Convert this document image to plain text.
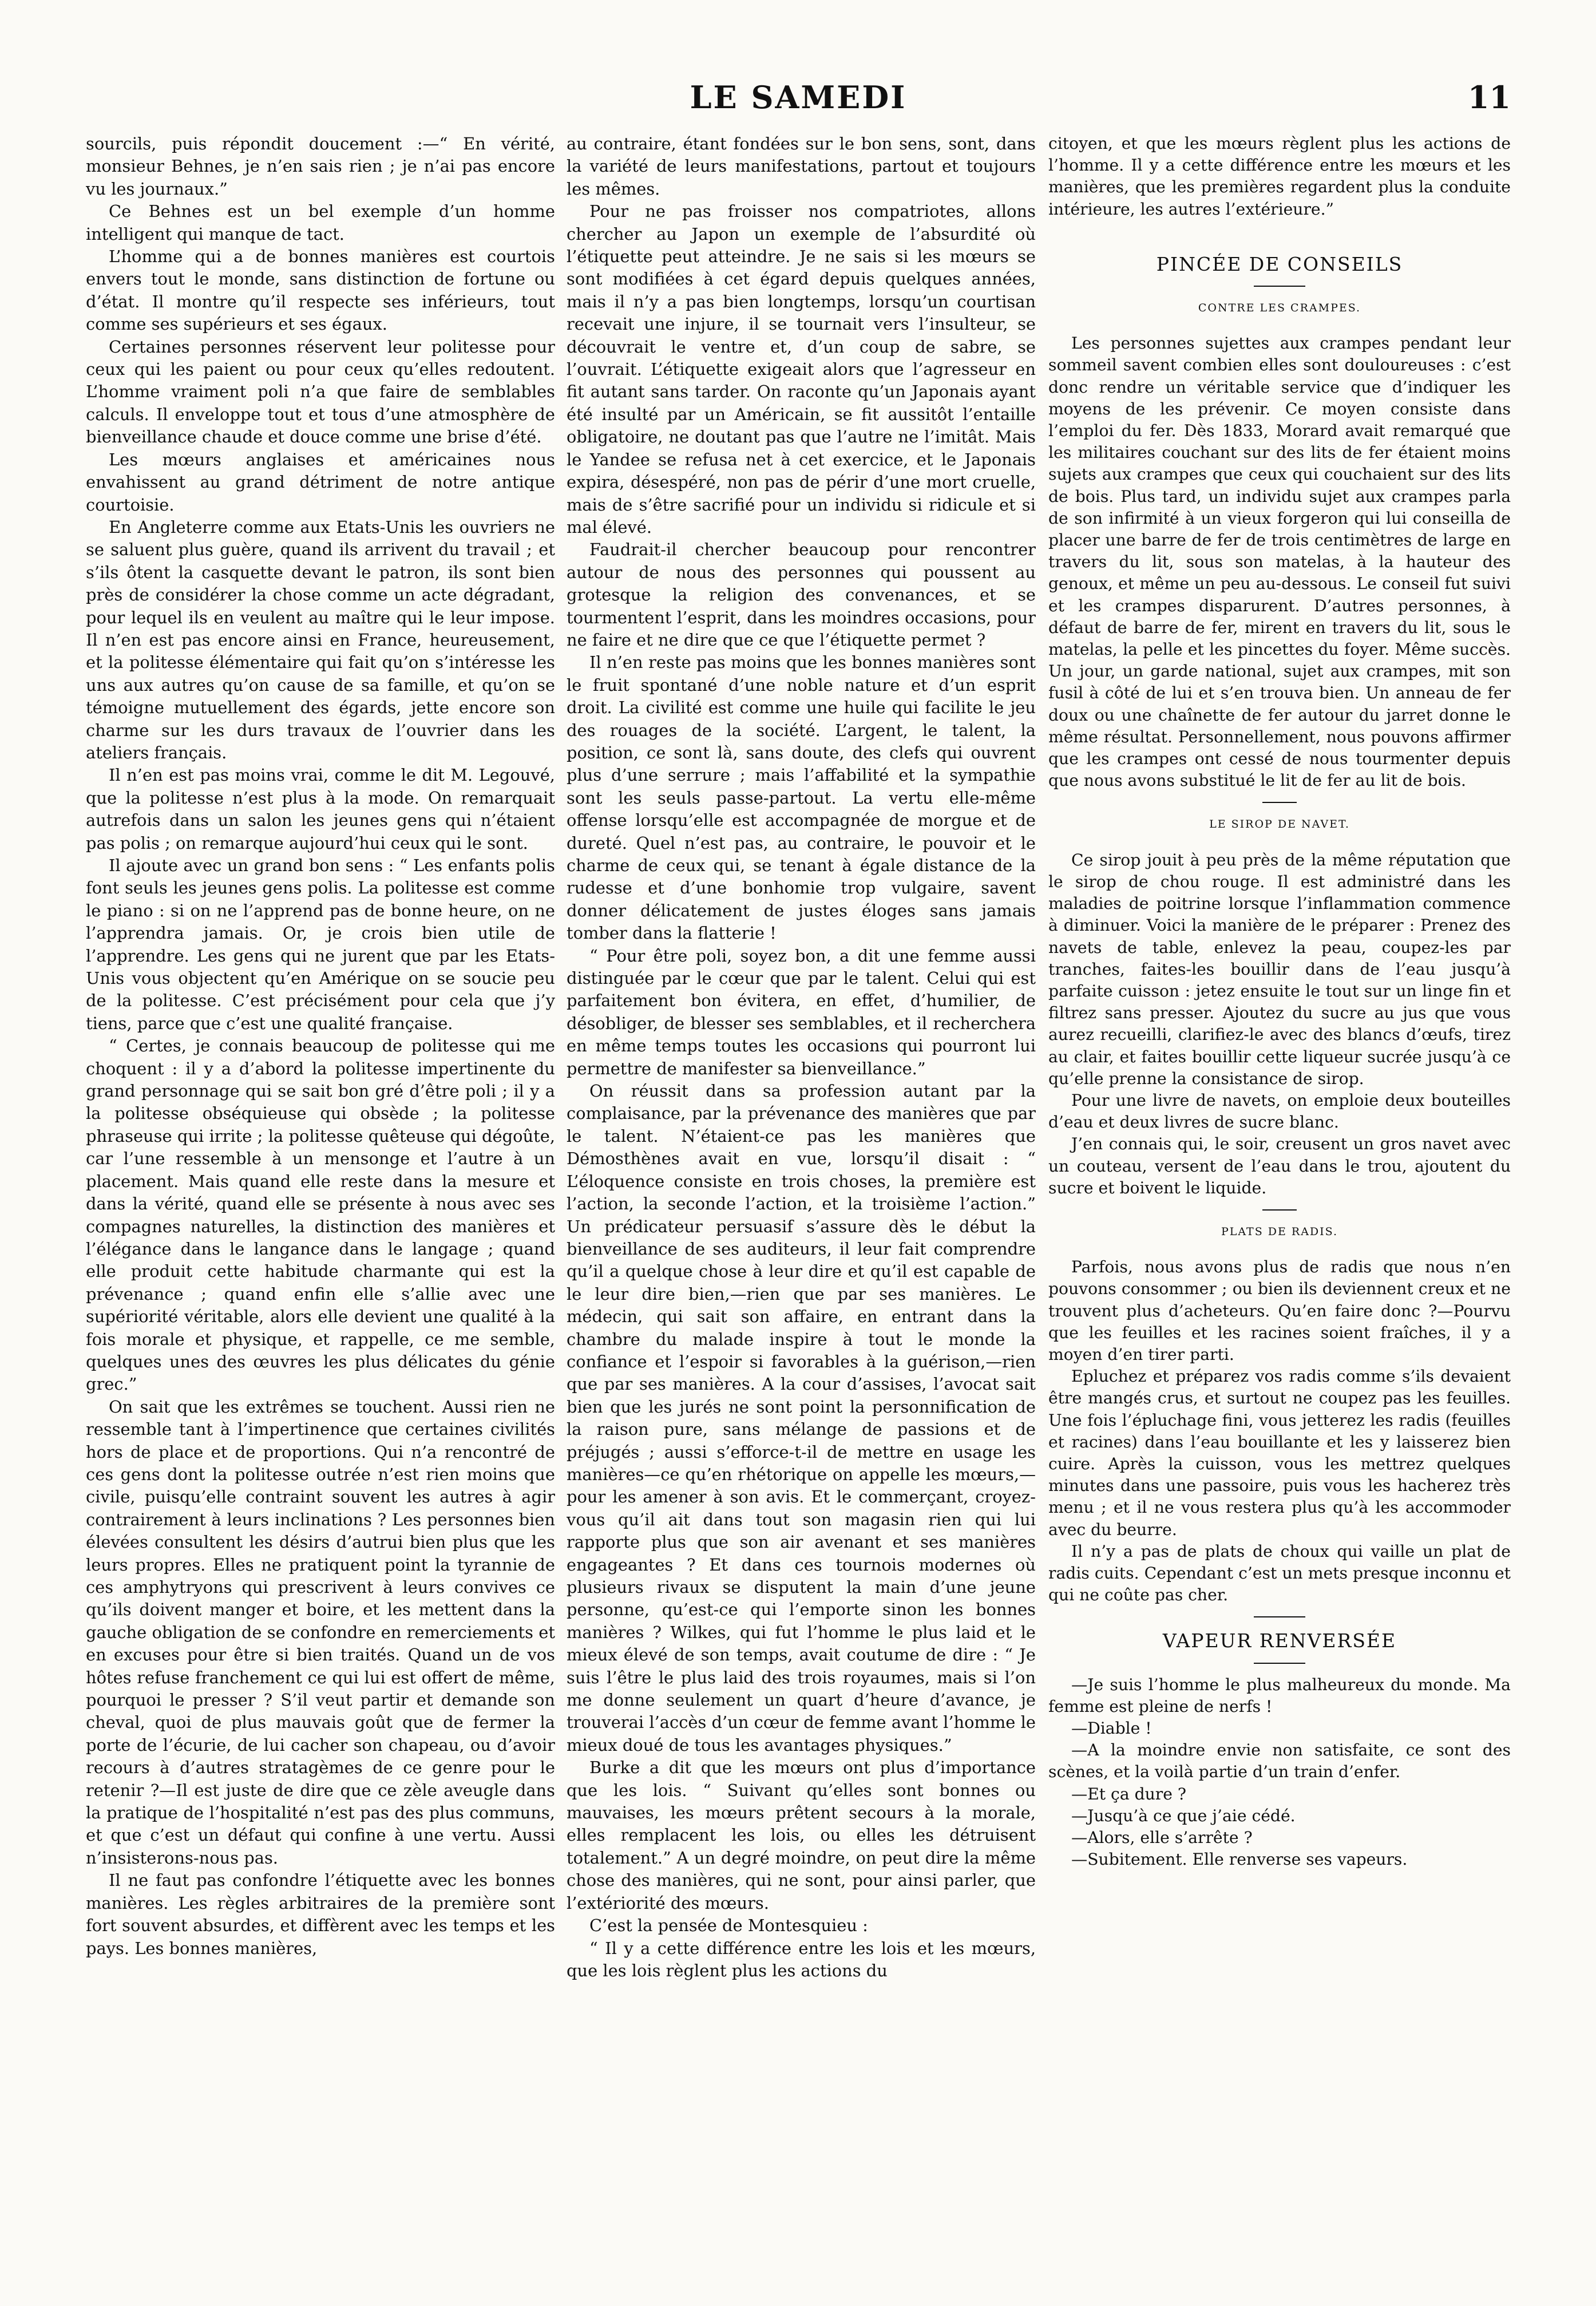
LE SAMEDI	11

sourcils, puis répondit doucement :—“ En vérité, monsieur Behnes, je n’en sais rien ; je n’ai pas encore vu les journaux.”

Ce Behnes est un bel exemple d’un homme intelligent qui manque de tact.

L’homme qui a de bonnes manières est courtois envers tout le monde, sans distinction de fortune ou d’état. Il montre qu’il respecte ses inférieurs, tout comme ses supérieurs et ses égaux.

Certaines personnes réservent leur politesse pour ceux qui les paient ou pour ceux qu’elles redoutent. L’homme vraiment poli n’a que faire de semblables calculs. Il enveloppe tout et tous d’une atmosphère de bienveillance chaude et douce comme une brise d’été.

Les mœurs anglaises et américaines nous envahissent au grand détriment de notre antique courtoisie.

En Angleterre comme aux Etats-Unis les ouvriers ne se saluent plus guère, quand ils arrivent du travail ; et s’ils ôtent la casquette devant le patron, ils sont bien près de considérer la chose comme un acte dégradant, pour lequel ils en veulent au maître qui le leur impose. Il n’en est pas encore ainsi en France, heureusement, et la politesse élémentaire qui fait qu’on s’intéresse les uns aux autres qu’on cause de sa famille, et qu’on se témoigne mutuellement des égards, jette encore son charme sur les durs travaux de l’ouvrier dans les ateliers français.

Il n’en est pas moins vrai, comme le dit M. Legouvé, que la politesse n’est plus à la mode. On remarquait autrefois dans un salon les jeunes gens qui n’étaient pas polis ; on remarque aujourd’hui ceux qui le sont.

Il ajoute avec un grand bon sens : “ Les enfants polis font seuls les jeunes gens polis. La politesse est comme le piano : si on ne l’apprend pas de bonne heure, on ne l’apprendra jamais. Or, je crois bien utile de l’apprendre. Les gens qui ne jurent que par les Etats-Unis vous objectent qu’en Amérique on se soucie peu de la politesse. C’est précisément pour cela que j’y tiens, parce que c’est une qualité française.

“ Certes, je connais beaucoup de politesse qui me choquent : il y a d’abord la politesse impertinente du grand personnage qui se sait bon gré d’être poli ; il y a la politesse obséquieuse qui obsède ; la politesse phraseuse qui irrite ; la politesse quêteuse qui dégoûte, car l’une ressemble à un mensonge et l’autre à un placement. Mais quand elle reste dans la mesure et dans la vérité, quand elle se présente à nous avec ses compagnes naturelles, la distinction des manières et l’élégance dans le langance dans le langage ; quand elle produit cette habitude charmante qui est la prévenance ; quand enfin elle s’allie avec une supériorité véritable, alors elle devient une qualité à la fois morale et physique, et rappelle, ce me semble, quelques unes des œuvres les plus délicates du génie grec.”

On sait que les extrêmes se touchent. Aussi rien ne ressemble tant à l’impertinence que certaines civilités hors de place et de proportions. Qui n’a rencontré de ces gens dont la politesse outrée n’est rien moins que civile, puisqu’elle contraint souvent les autres à agir contrairement à leurs inclinations ? Les personnes bien élevées consultent les désirs d’autrui bien plus que les leurs propres. Elles ne pratiquent point la tyrannie de ces amphytryons qui prescrivent à leurs convives ce qu’ils doivent manger et boire, et les mettent dans la gauche obligation de se confondre en remerciements et en excuses pour être si bien traités. Quand un de vos hôtes refuse franchement ce qui lui est offert de même, pourquoi le presser ? S’il veut partir et demande son cheval, quoi de plus mauvais goût que de fermer la porte de l’écurie, de lui cacher son chapeau, ou d’avoir recours à d’autres stratagèmes de ce genre pour le retenir ?—Il est juste de dire que ce zèle aveugle dans la pratique de l’hospitalité n’est pas des plus communs, et que c’est un défaut qui confine à une vertu. Aussi n’insisterons-nous pas.

Il ne faut pas confondre l’étiquette avec les bonnes manières. Les règles arbitraires de la première sont fort souvent absurdes, et diffèrent avec les temps et les pays. Les bonnes manières,

au contraire, étant fondées sur le bon sens, sont, dans la variété de leurs manifestations, partout et toujours les mêmes.

Pour ne pas froisser nos compatriotes, allons chercher au Japon un exemple de l’absurdité où l’étiquette peut atteindre. Je ne sais si les mœurs se sont modifiées à cet égard depuis quelques années, mais il n’y a pas bien longtemps, lorsqu’un courtisan recevait une injure, il se tournait vers l’insulteur, se découvrait le ventre et, d’un coup de sabre, se l’ouvrait. L’étiquette exigeait alors que l’agresseur en fit autant sans tarder. On raconte qu’un Japonais ayant été insulté par un Américain, se fit aussitôt l’entaille obligatoire, ne doutant pas que l’autre ne l’imitât. Mais le Yandee se refusa net à cet exercice, et le Japonais expira, désespéré, non pas de périr d’une mort cruelle, mais de s’être sacrifié pour un individu si ridicule et si mal élevé.

Faudrait-il chercher beaucoup pour rencontrer autour de nous des personnes qui poussent au grotesque la religion des convenances, et se tourmentent l’esprit, dans les moindres occasions, pour ne faire et ne dire que ce que l’étiquette permet ?

Il n’en reste pas moins que les bonnes manières sont le fruit spontané d’une noble nature et d’un esprit droit. La civilité est comme une huile qui facilite le jeu des rouages de la société. L’argent, le talent, la position, ce sont là, sans doute, des clefs qui ouvrent plus d’une serrure ; mais l’affabilité et la sympathie sont les seuls passe-partout. La vertu elle-même offense lorsqu’elle est accompagnée de morgue et de dureté. Quel n’est pas, au contraire, le pouvoir et le charme de ceux qui, se tenant à égale distance de la rudesse et d’une bonhomie trop vulgaire, savent donner délicatement de justes éloges sans jamais tomber dans la flatterie !

“ Pour être poli, soyez bon, a dit une femme aussi distinguée par le cœur que par le talent. Celui qui est parfaitement bon évitera, en effet, d’humilier, de désobliger, de blesser ses semblables, et il recherchera en même temps toutes les occasions qui pourront lui permettre de manifester sa bienveillance.”

On réussit dans sa profession autant par la complaisance, par la prévenance des manières que par le talent. N’étaient-ce pas les manières que Démosthènes avait en vue, lorsqu’il disait : “ L’éloquence consiste en trois choses, la première est l’action, la seconde l’action, et la troisième l’action.” Un prédicateur persuasif s’assure dès le début la bienveillance de ses auditeurs, il leur fait comprendre qu’il a quelque chose à leur dire et qu’il est capable de le leur dire bien,—rien que par ses manières. Le médecin, qui sait son affaire, en entrant dans la chambre du malade inspire à tout le monde la confiance et l’espoir si favorables à la guérison,—rien que par ses manières. A la cour d’assises, l’avocat sait bien que les jurés ne sont point la personnification de la raison pure, sans mélange de passions et de préjugés ; aussi s’efforce-t-il de mettre en usage les manières—ce qu’en rhétorique on appelle les mœurs,—pour les amener à son avis. Et le commerçant, croyez-vous qu’il ait dans tout son magasin rien qui lui rapporte plus que son air avenant et ses manières engageantes ? Et dans ces tournois modernes où plusieurs rivaux se disputent la main d’une jeune personne, qu’est-ce qui l’emporte sinon les bonnes manières ? Wilkes, qui fut l’homme le plus laid et le mieux élevé de son temps, avait coutume de dire : “ Je suis l’être le plus laid des trois royaumes, mais si l’on me donne seulement un quart d’heure d’avance, je trouverai l’accès d’un cœur de femme avant l’homme le mieux doué de tous les avantages physiques.”

Burke a dit que les mœurs ont plus d’importance que les lois. “ Suivant qu’elles sont bonnes ou mauvaises, les mœurs prêtent secours à la morale, elles remplacent les lois, ou elles les détruisent totalement.” A un degré moindre, on peut dire la même chose des manières, qui ne sont, pour ainsi parler, que l’extériorité des mœurs.

C’est la pensée de Montesquieu :

“ Il y a cette différence entre les lois et les mœurs, que les lois règlent plus les actions du

citoyen, et que les mœurs règlent plus les actions de l’homme. Il y a cette différence entre les mœurs et les manières, que les premières regardent plus la conduite intérieure, les autres l’extérieure.”

PINCÉE DE CONSEILS
CONTRE LES CRAMPES.

Les personnes sujettes aux crampes pendant leur sommeil savent combien elles sont douloureuses : c’est donc rendre un véritable service que d’indiquer les moyens de les prévenir. Ce moyen consiste dans l’emploi du fer. Dès 1833, Morard avait remarqué que les militaires couchant sur des lits de fer étaient moins sujets aux crampes que ceux qui couchaient sur des lits de bois. Plus tard, un individu sujet aux crampes parla de son infirmité à un vieux forgeron qui lui conseilla de placer une barre de fer de trois centimètres de large en travers du lit, sous son matelas, à la hauteur des genoux, et même un peu au-dessous. Le conseil fut suivi et les crampes disparurent. D’autres personnes, à défaut de barre de fer, mirent en travers du lit, sous le matelas, la pelle et les pincettes du foyer. Même succès. Un jour, un garde national, sujet aux crampes, mit son fusil à côté de lui et s’en trouva bien. Un anneau de fer doux ou une chaînette de fer autour du jarret donne le même résultat. Personnellement, nous pouvons affirmer que les crampes ont cessé de nous tourmenter depuis que nous avons substitué le lit de fer au lit de bois.

LE SIROP DE NAVET.

Ce sirop jouit à peu près de la même réputation que le sirop de chou rouge. Il est administré dans les maladies de poitrine lorsque l’inflammation commence à diminuer. Voici la manière de le préparer : Prenez des navets de table, enlevez la peau, coupez-les par tranches, faites-les bouillir dans de l’eau jusqu’à parfaite cuisson : jetez ensuite le tout sur un linge fin et filtrez sans presser. Ajoutez du sucre au jus que vous aurez recueilli, clarifiez-le avec des blancs d’œufs, tirez au clair, et faites bouillir cette liqueur sucrée jusqu’à ce qu’elle prenne la consistance de sirop.

Pour une livre de navets, on emploie deux bouteilles d’eau et deux livres de sucre blanc.

J’en connais qui, le soir, creusent un gros navet avec un couteau, versent de l’eau dans le trou, ajoutent du sucre et boivent le liquide.

PLATS DE RADIS.

Parfois, nous avons plus de radis que nous n’en pouvons consommer ; ou bien ils deviennent creux et ne trouvent plus d’acheteurs. Qu’en faire donc ?—Pourvu que les feuilles et les racines soient fraîches, il y a moyen d’en tirer parti.

Epluchez et préparez vos radis comme s’ils devaient être mangés crus, et surtout ne coupez pas les feuilles. Une fois l’épluchage fini, vous jetterez les radis (feuilles et racines) dans l’eau bouillante et les y laisserez bien cuire. Après la cuisson, vous les mettrez quelques minutes dans une passoire, puis vous les hacherez très menu ; et il ne vous restera plus qu’à les accommoder avec du beurre.

Il n’y a pas de plats de choux qui vaille un plat de radis cuits. Cependant c’est un mets presque inconnu et qui ne coûte pas cher.

VAPEUR RENVERSÉE

—Je suis l’homme le plus malheureux du monde. Ma femme est pleine de nerfs !

—Diable !

—A la moindre envie non satisfaite, ce sont des scènes, et la voilà partie d’un train d’enfer.

—Et ça dure ?

—Jusqu’à ce que j’aie cédé.

—Alors, elle s’arrête ?

—Subitement. Elle renverse ses vapeurs.
